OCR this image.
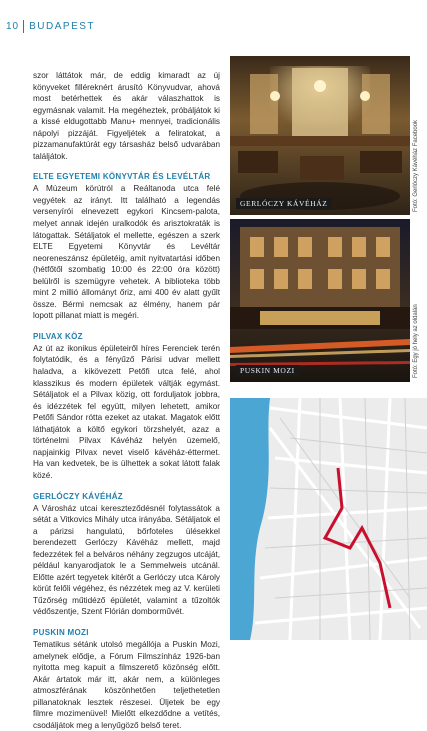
10 BUDAPEST

szor láttátok már, de eddig kimaradt az új könyveket filléreknért árusító Könyvudvar, ahová most betérhettek és akár válaszhattok is egymásnak valamit. Ha megéheztek, próbáljátok ki a kissé eldugottabb Manu+ mennyei, tradicionális nápolyi pizzáját. Figyeljétek a feliratokat, a pizzamanufaktúrát egy társasház belső udvarában találjátok.

ELTE EGYETEMI KÖNYVTÁR ÉS LEVÉLTÁR

A Múzeum körútról a Reáltanoda utca felé vegyétek az irányt. Itt található a legendás versenyírói elnevezett egykori Kincsem-palota, melyet annak idején uralkodók és arisztokraták is látogattak. Sétáljatok el mellette, egészen a szerk ELTE Egyetemi Könyvtár és Levéltár neoreneszánsz épületéig, amit nyitvatartási időben (hétfőtől szombatig 10:00 és 22:00 óra között) belülről is szemügyre vehetek. A biblioteka több mint 2 millió állományt őriz, ami 400 év alatt gyűlt össze. Bérmi nemcsak az élmény, hanem pár lopott pillanat miatt is megéri.

PILVAX KÖZ

Az út az ikonikus épületeiről híres Ferenciek terén folytatódik, és a fényűző Párisi udvar mellett haladva, a kikövezett Petőfi utca felé, ahol klasszikus és modern épületek váltják egymást. Sétáljatok el a Pilvax közig, ott forduljatok jobbra, és idézzétek fel együtt, milyen lehetett, amikor Petőfi Sándor rótta ezeket az utakat. Magatok előtt láthatjátok a költő egykori törzshelyét, azaz a történelmi Pilvax Kávéház helyén üzemelő, napjainkig Pilvax nevet viselő kávéház-éttermet. Ha van kedvetek, be is ülhettek a sokat látott falak közé.

GERLÓCZY KÁVÉHÁZ

A Városház utcai kereszteződésnél folytassátok a sétát a Vitkovics Mihály utca irányába. Sétáljatok el a párizsi hangulatú, bőrfoteles ülésekkel berendezett Gerlóczy Kávéház mellett, majd fedezzétek fel a belváros néhány zegzugos utcáját, például kanyarodjatok le a Semmelweis utcánál. Előtte azért tegyetek kitérőt a Gerlóczy utca Károly körút felőli végéhez, és nézzétek meg az V. kerületi Tűzőrség műtidéző épületét, valamint a tűzoltók védőszentje, Szent Flórián domborművét.

PUSKIN MOZI

Tematikus sétánk utolsó megállója a Puskin Mozi, amelynek elődje, a Fórum Filmszínház 1926-ban nyitotta meg kapuit a filmszerető közönség előtt. Akár ártatok már itt, akár nem, a különleges atmoszférának köszönhetően teljethetetlen pillanatoknak lesztek részesei. Üljetek be egy filmre mozimenüvel! Mielőtt elkezdődne a vetítés, csodáljátok meg a lenyűgöző belső teret.

GERLÓCZY KÁVÉHÁZ	Fotó: Gerlóczy Kávéház Facebook
PUSKIN MOZI	Fotó: Egy jó hely az oldalán
